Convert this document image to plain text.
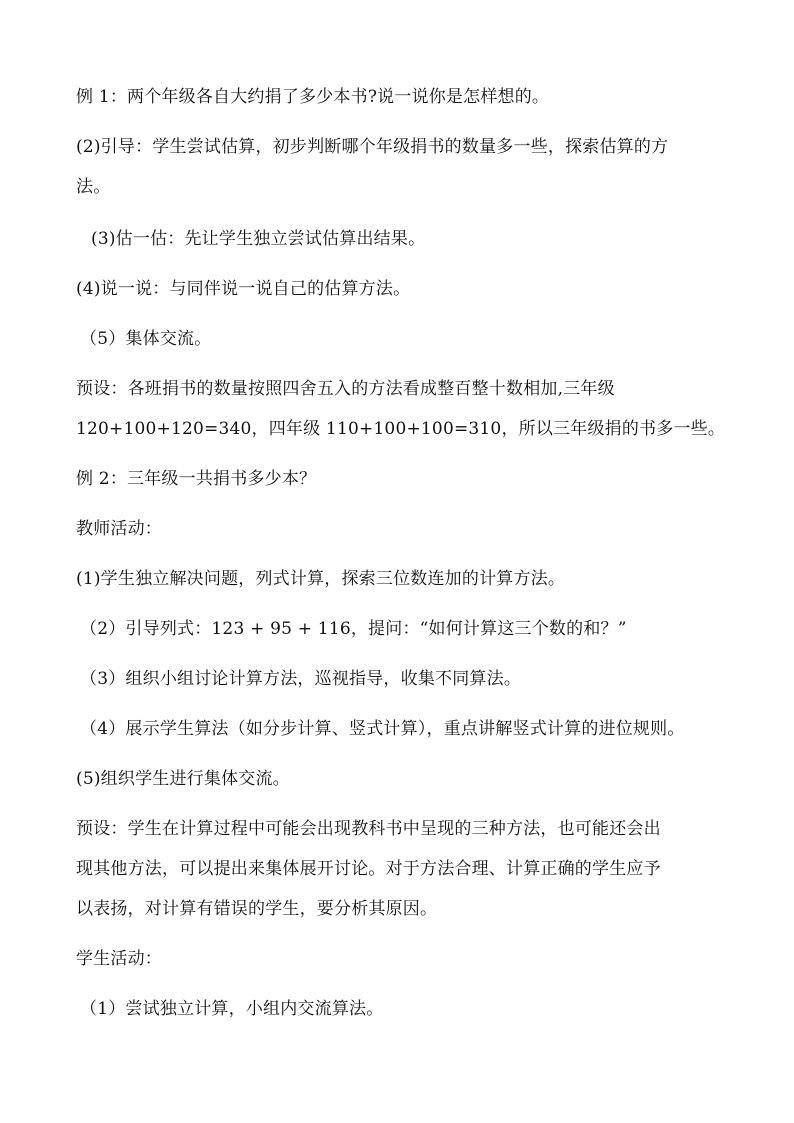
例 1：两个年级各自大约捐了多少本书?说一说你是怎样想的。
(2)引导：学生尝试估算，初步判断哪个年级捐书的数量多一些，探索估算的方
法。
(3)估一估：先让学生独立尝试估算出结果。
(4)说一说：与同伴说一说自己的估算方法。
（5）集体交流。
预设：各班捐书的数量按照四舍五入的方法看成整百整十数相加,三年级
120+100+120=340，四年级 110+100+100=310，所以三年级捐的书多一些。
例 2：三年级一共捐书多少本？
教师活动：
(1)学生独立解决问题，列式计算，探索三位数连加的计算方法。
（2）引导列式：123 + 95 + 116，提问：“如何计算这三个数的和？”
（3）组织小组讨论计算方法，巡视指导，收集不同算法。
（4）展示学生算法（如分步计算、竖式计算），重点讲解竖式计算的进位规则。
(5)组织学生进行集体交流。
预设：学生在计算过程中可能会出现教科书中呈现的三种方法，也可能还会出
现其他方法，可以提出来集体展开讨论。对于方法合理、计算正确的学生应予
以表扬，对计算有错误的学生，要分析其原因。
学生活动：
（1）尝试独立计算，小组内交流算法。
